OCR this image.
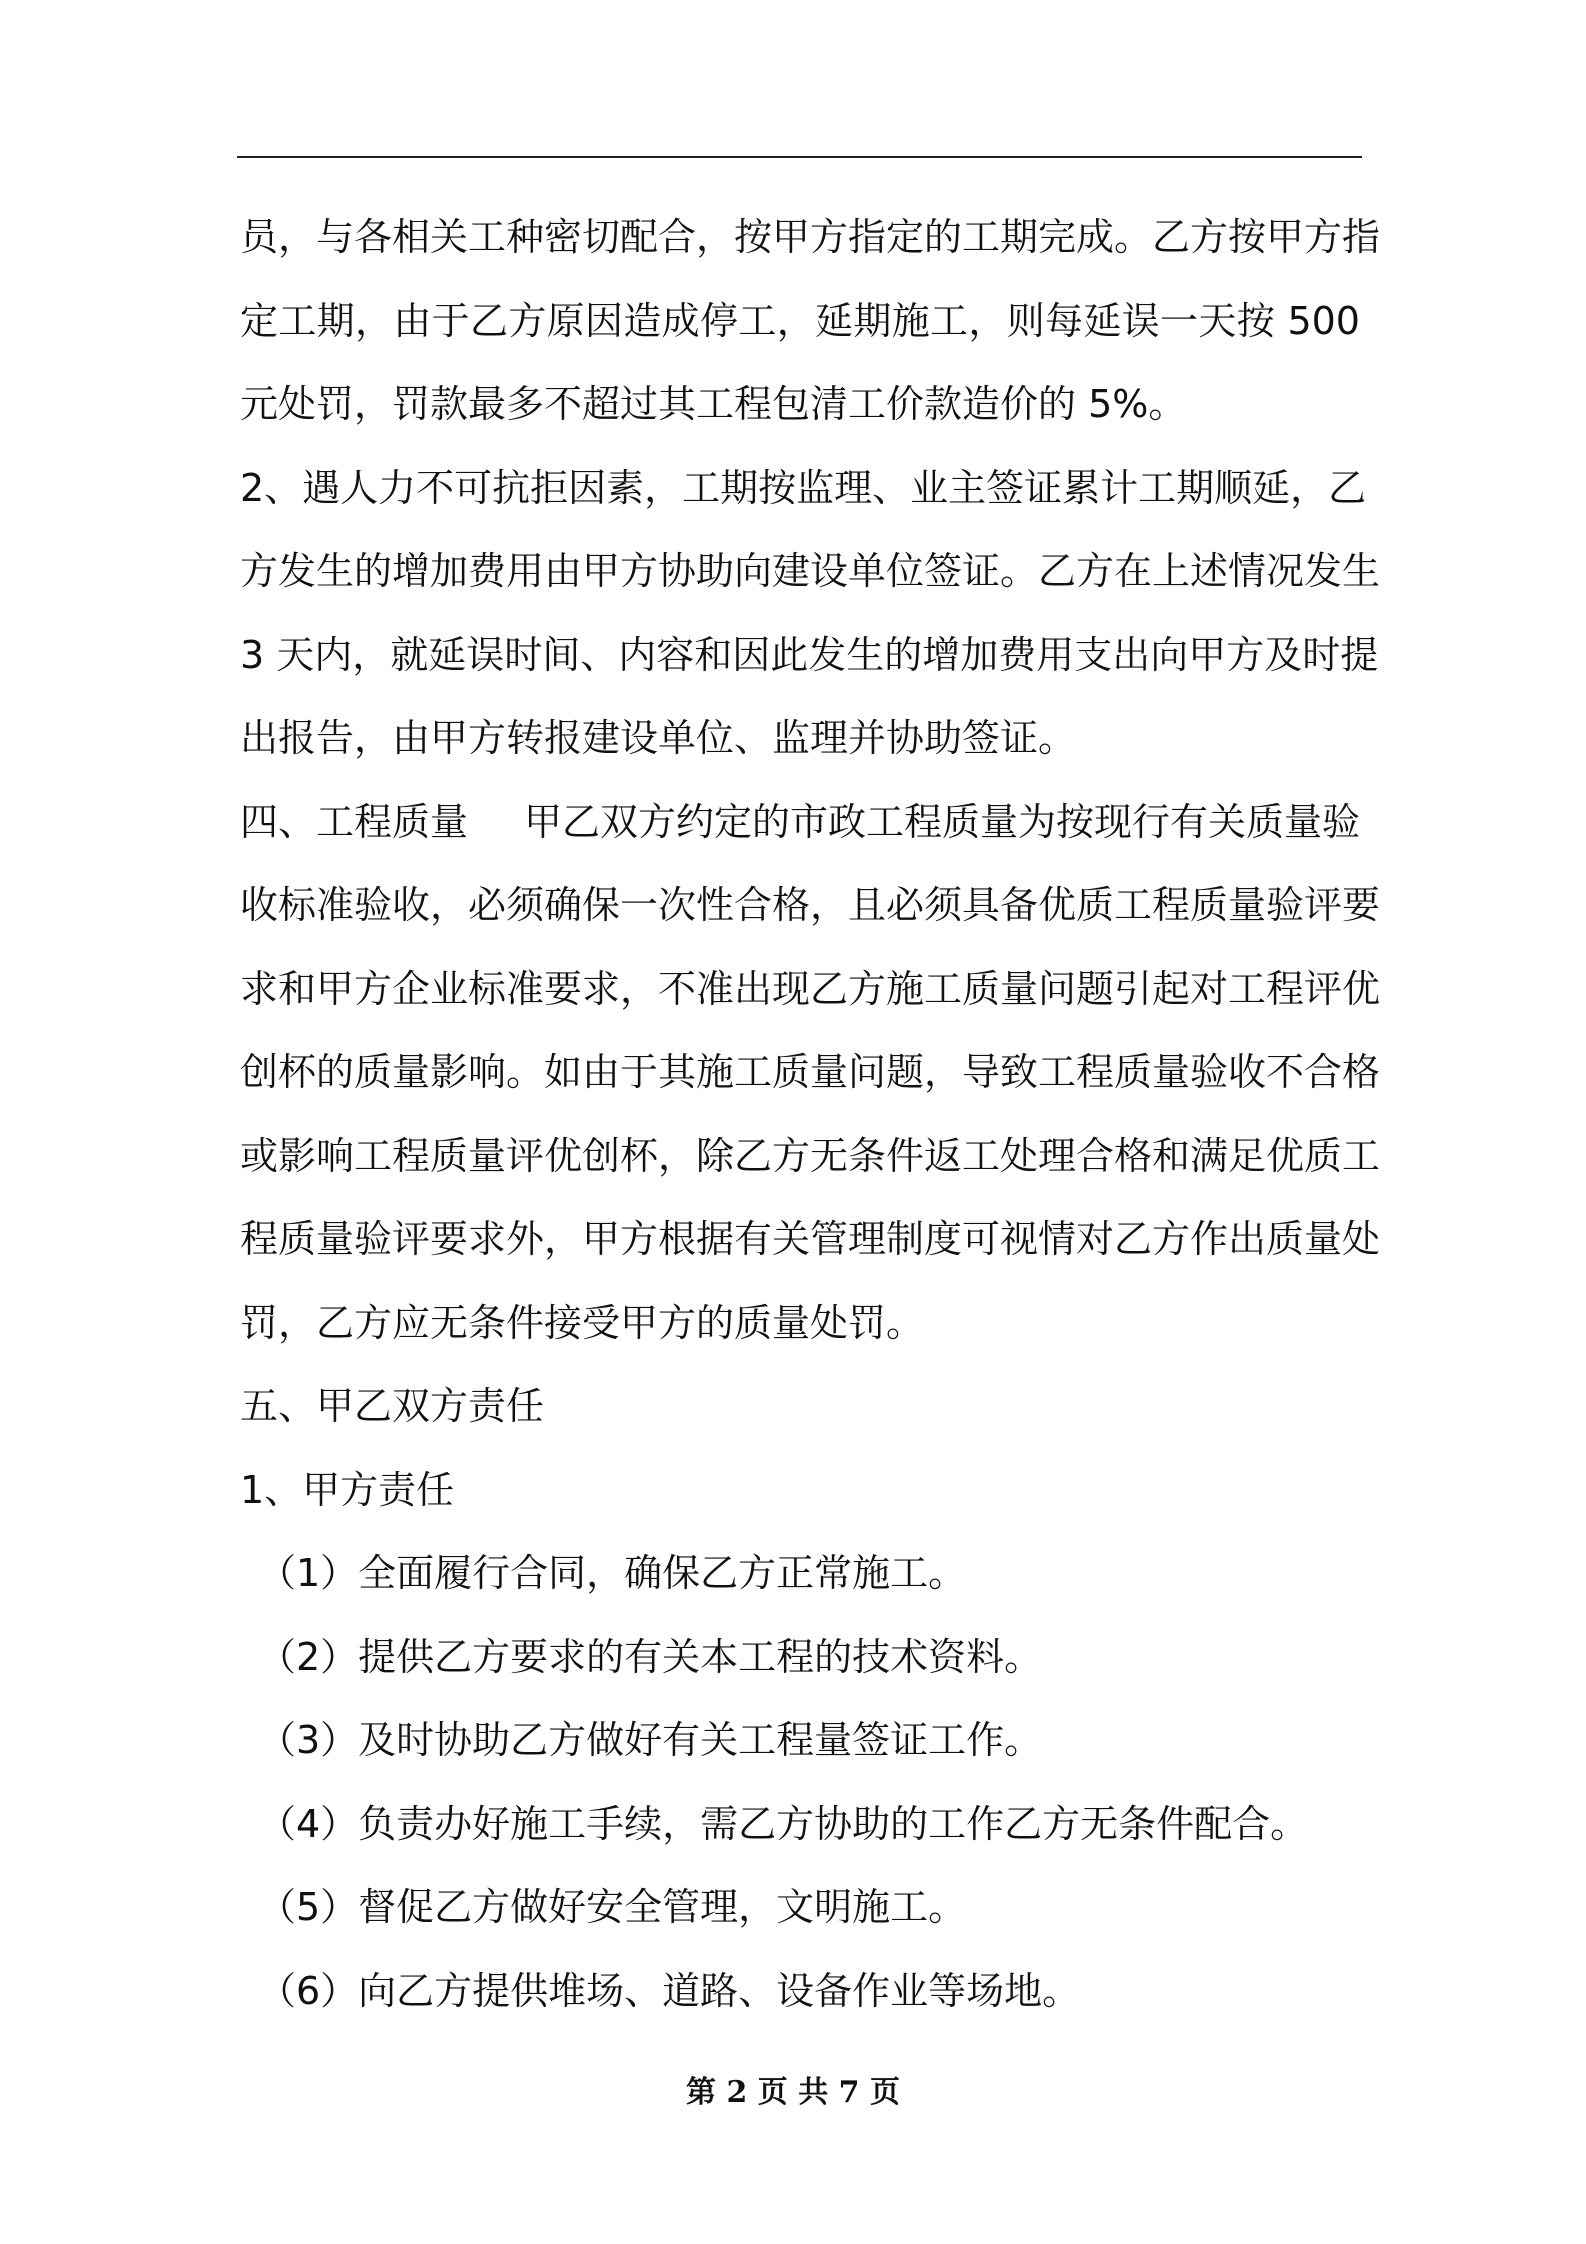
员，与各相关工种密切配合，按甲方指定的工期完成。乙方按甲方指
定工期，由于乙方原因造成停工，延期施工，则每延误一天按 500
元处罚，罚款最多不超过其工程包清工价款造价的 5%。
2、遇人力不可抗拒因素，工期按监理、业主签证累计工期顺延，乙
方发生的增加费用由甲方协助向建设单位签证。乙方在上述情况发生
3 天内，就延误时间、内容和因此发生的增加费用支出向甲方及时提
出报告，由甲方转报建设单位、监理并协助签证。
四、工程质量 甲乙双方约定的市政工程质量为按现行有关质量验
收标准验收，必须确保一次性合格，且必须具备优质工程质量验评要
求和甲方企业标准要求，不准出现乙方施工质量问题引起对工程评优
创杯的质量影响。如由于其施工质量问题，导致工程质量验收不合格
或影响工程质量评优创杯，除乙方无条件返工处理合格和满足优质工
程质量验评要求外，甲方根据有关管理制度可视情对乙方作出质量处
罚，乙方应无条件接受甲方的质量处罚。
五、甲乙双方责任
1、甲方责任
（1）全面履行合同，确保乙方正常施工。
（2）提供乙方要求的有关本工程的技术资料。
（3）及时协助乙方做好有关工程量签证工作。
（4）负责办好施工手续，需乙方协助的工作乙方无条件配合。
（5）督促乙方做好安全管理，文明施工。
（6）向乙方提供堆场、道路、设备作业等场地。
第 2 页 共 7 页
